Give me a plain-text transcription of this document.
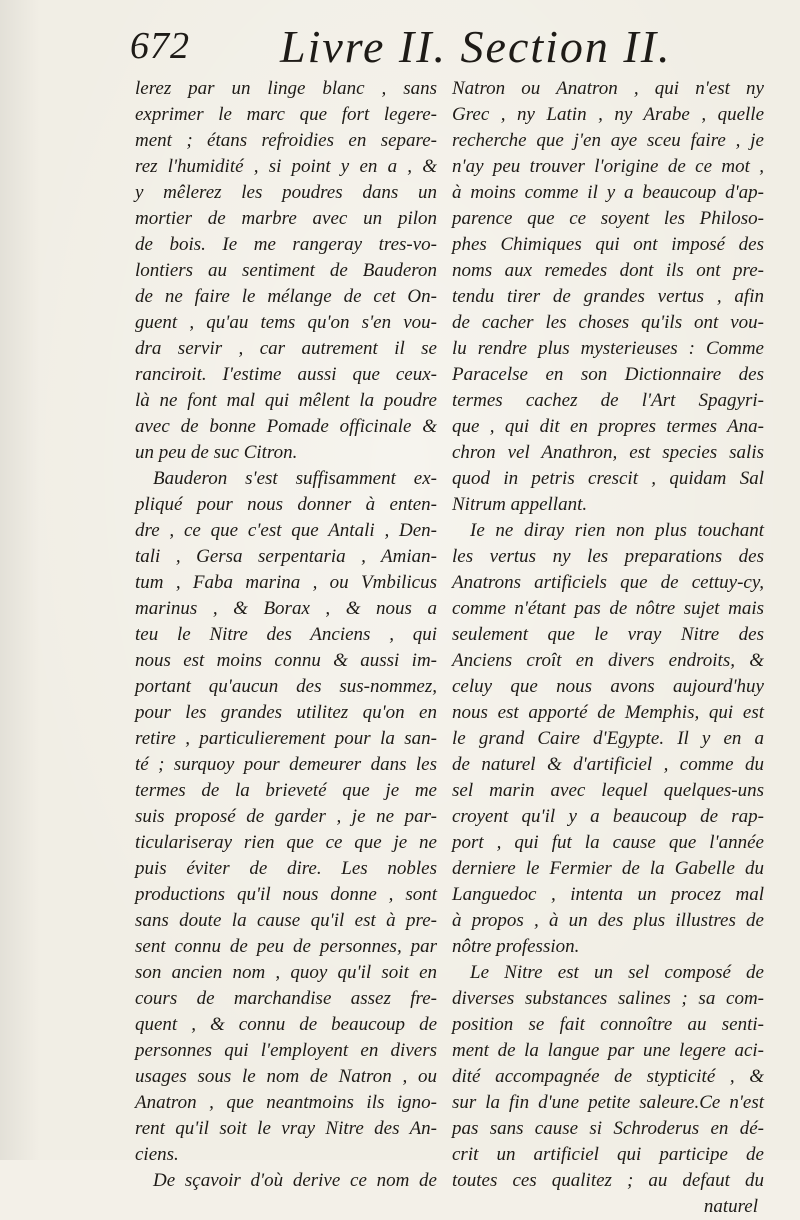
672 Livre II. Section II.
lerez par un linge blanc , sans
exprimer le marc que fort legere-
ment ; étans refroidies en separe-
rez l'humidité , si point y en a , &
y mêlerez les poudres dans un
mortier de marbre avec un pilon
de bois. Ie me rangeray tres-vo-
lontiers au sentiment de Bauderon
de ne faire le mélange de cet On-
guent , qu'au tems qu'on s'en vou-
dra servir , car autrement il se
ranciroit. I'estime aussi que ceux-
là ne font mal qui mêlent la poudre
avec de bonne Pomade officinale &
un peu de suc Citron.
Bauderon s'est suffisamment ex-
pliqué pour nous donner à enten-
dre , ce que c'est que Antali , Den-
tali , Gersa serpentaria , Amian-
tum , Faba marina , ou Vmbilicus
marinus , & Borax , & nous a
teu le Nitre des Anciens , qui
nous est moins connu & aussi im-
portant qu'aucun des sus-nommez,
pour les grandes utilitez qu'on en
retire , particulierement pour la san-
té ; surquoy pour demeurer dans les
termes de la brieveté que je me
suis proposé de garder , je ne par-
ticulariseray rien que ce que je ne
puis éviter de dire. Les nobles
productions qu'il nous donne , sont
sans doute la cause qu'il est à pre-
sent connu de peu de personnes, par
son ancien nom , quoy qu'il soit en
cours de marchandise assez fre-
quent , & connu de beaucoup de
personnes qui l'employent en divers
usages sous le nom de Natron , ou
Anatron , que neantmoins ils igno-
rent qu'il soit le vray Nitre des An-
ciens.
De sçavoir d'où derive ce nom de
Natron ou Anatron , qui n'est ny
Grec , ny Latin , ny Arabe , quelle
recherche que j'en aye sceu faire , je
n'ay peu trouver l'origine de ce mot ,
à moins comme il y a beaucoup d'ap-
parence que ce soyent les Philoso-
phes Chimiques qui ont imposé des
noms aux remedes dont ils ont pre-
tendu tirer de grandes vertus , afin
de cacher les choses qu'ils ont vou-
lu rendre plus mysterieuses : Comme
Paracelse en son Dictionnaire des
termes cachez de l'Art Spagyri-
que , qui dit en propres termes Ana-
chron vel Anathron, est species salis
quod in petris crescit , quidam Sal
Nitrum appellant.
Ie ne diray rien non plus touchant
les vertus ny les preparations des
Anatrons artificiels que de cettuy-cy,
comme n'étant pas de nôtre sujet mais
seulement que le vray Nitre des
Anciens croît en divers endroits, &
celuy que nous avons aujourd'huy
nous est apporté de Memphis, qui est
le grand Caire d'Egypte. Il y en a
de naturel & d'artificiel , comme du
sel marin avec lequel quelques-uns
croyent qu'il y a beaucoup de rap-
port , qui fut la cause que l'année
derniere le Fermier de la Gabelle du
Languedoc , intenta un procez mal
à propos , à un des plus illustres de
nôtre profession.
Le Nitre est un sel composé de
diverses substances salines ; sa com-
position se fait connoître au senti-
ment de la langue par une legere aci-
dité accompagnée de stypticité , &
sur la fin d'une petite saleure.Ce n'est
pas sans cause si Schroderus en dé-
crit un artificiel qui participe de
toutes ces qualitez ; au defaut du
naturel
